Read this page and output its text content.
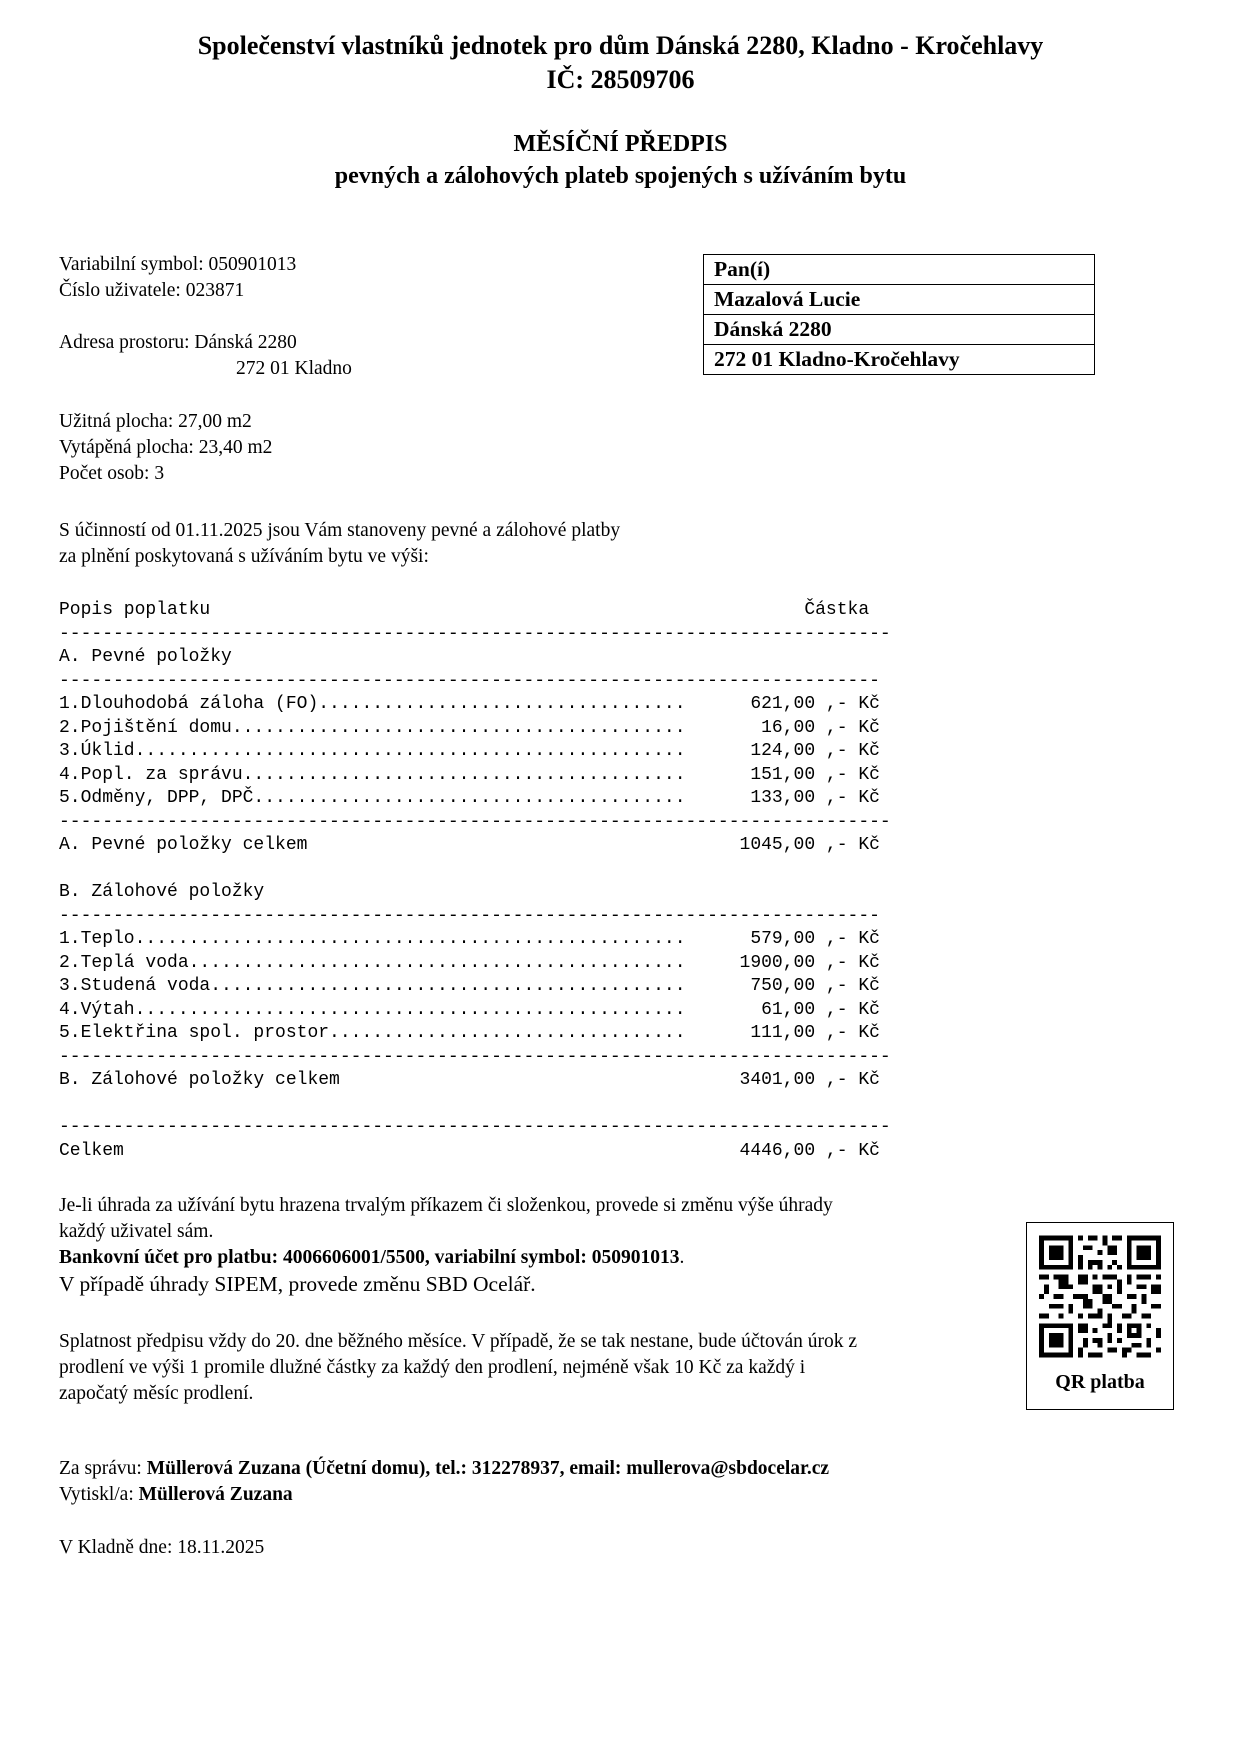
Společenství vlastníků jednotek pro dům Dánská 2280, Kladno - Kročehlavy
IČ: 28509706
MĚSÍČNÍ PŘEDPIS
pevných a zálohových plateb spojených s užíváním bytu
Variabilní symbol: 050901013
Číslo uživatele: 023871
Adresa prostoru: Dánská 2280
272 01 Kladno
Užitná plocha: 27,00 m2
Vytápěná plocha: 23,40 m2
Počet osob: 3
Pan(í)
Mazalová Lucie
Dánská 2280
272 01 Kladno-Kročehlavy
S účinností od 01.11.2025 jsou Vám stanoveny pevné a zálohové platby
za plnění poskytovaná s užíváním bytu ve výši:
Popis poplatku                                                       Částka
-----------------------------------------------------------------------------
A. Pevné položky
----------------------------------------------------------------------------
1.Dlouhodobá záloha (FO)..................................      621,00 ,- Kč
2.Pojištění domu..........................................       16,00 ,- Kč
3.Úklid...................................................      124,00 ,- Kč
4.Popl. za správu.........................................      151,00 ,- Kč
5.Odměny, DPP, DPČ........................................      133,00 ,- Kč
-----------------------------------------------------------------------------
A. Pevné položky celkem                                        1045,00 ,- Kč

B. Zálohové položky
----------------------------------------------------------------------------
1.Teplo...................................................      579,00 ,- Kč
2.Teplá voda..............................................     1900,00 ,- Kč
3.Studená voda............................................      750,00 ,- Kč
4.Výtah...................................................       61,00 ,- Kč
5.Elektřina spol. prostor.................................      111,00 ,- Kč
-----------------------------------------------------------------------------
B. Zálohové položky celkem                                     3401,00 ,- Kč

-----------------------------------------------------------------------------
Celkem                                                         4446,00 ,- Kč
Je-li úhrada za užívání bytu hrazena trvalým příkazem či složenkou, provede si změnu výše úhrady
každý uživatel sám.
Bankovní účet pro platbu: 4006606001/5500, variabilní symbol: 050901013.
V případě úhrady SIPEM, provede změnu SBD Ocelář.
Splatnost předpisu vždy do 20. dne běžného měsíce. V případě, že se tak nestane, bude účtován úrok z
prodlení ve výši 1 promile dlužné částky za každý den prodlení, nejméně však 10 Kč za každý i
započatý měsíc prodlení.
QR platba
Za správu: Müllerová Zuzana (Účetní domu), tel.: 312278937, email: mullerova@sbdocelar.cz
Vytiskl/a: Müllerová Zuzana
V Kladně dne: 18.11.2025
